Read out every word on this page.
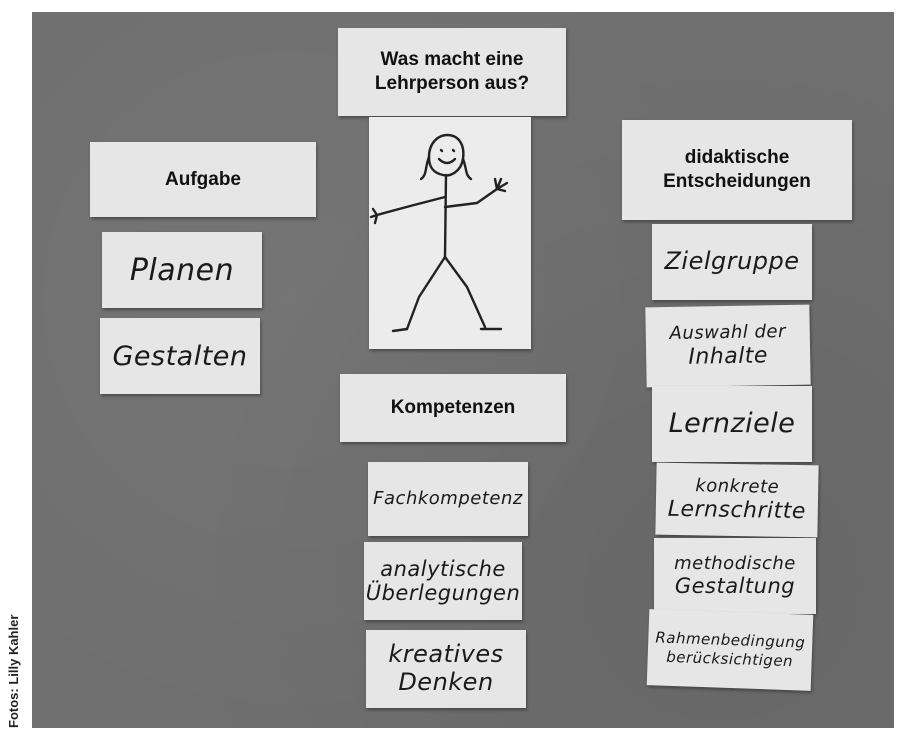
Was macht eine
Lehrperson aus?
Kompetenzen
Fachkompetenz
analytische
Überlegungen
kreatives
Denken
Aufgabe
Planen
Gestalten
didaktische
Entscheidungen
Zielgruppe
Auswahl der
Inhalte
Lernziele
konkrete
Lernschritte
methodische
Gestaltung
Rahmenbedingung
berücksichtigen
Fotos: Lilly Kahler
